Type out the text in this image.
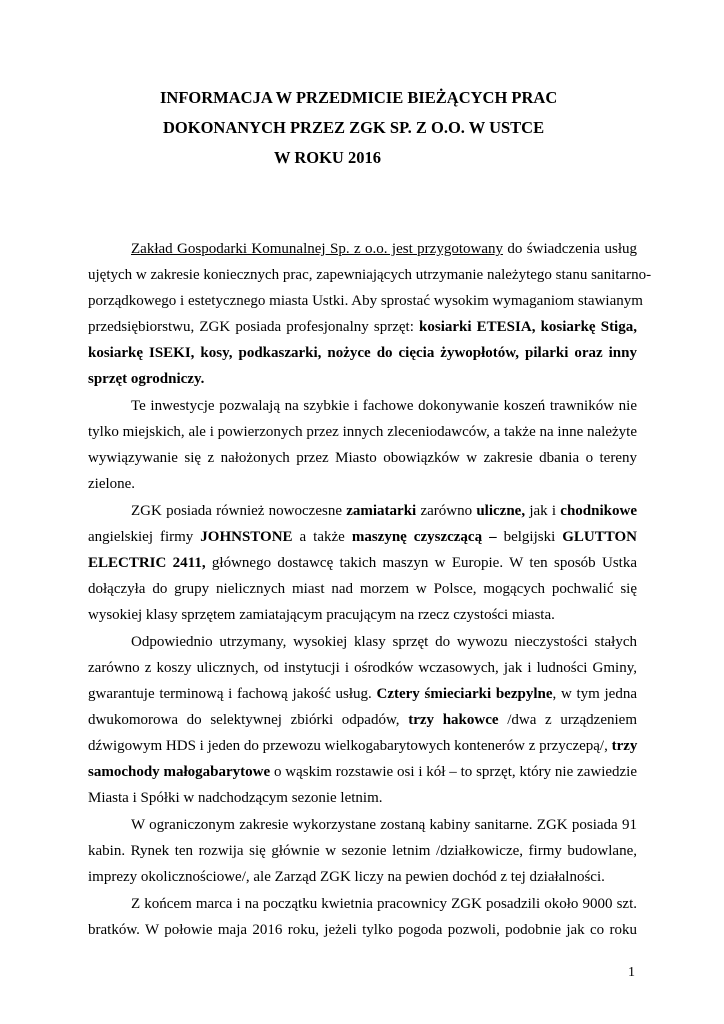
INFORMACJA W PRZEDMICIE BIEŻĄCYCH PRAC
DOKONANYCH PRZEZ ZGK SP. Z O.O. W USTCE
W ROKU 2016
Zakład Gospodarki Komunalnej Sp. z o.o. jest przygotowany do świadczenia usług
ujętych w zakresie koniecznych prac, zapewniających utrzymanie należytego stanu sanitarno-
porządkowego i estetycznego miasta Ustki. Aby sprostać wysokim wymaganiom stawianym
przedsiębiorstwu, ZGK posiada profesjonalny sprzęt: kosiarki ETESIA, kosiarkę Stiga,
kosiarkę ISEKI, kosy, podkaszarki, nożyce do cięcia żywopłotów, pilarki oraz inny
sprzęt ogrodniczy.
Te inwestycje pozwalają na szybkie i fachowe dokonywanie koszeń trawników nie
tylko miejskich, ale i powierzonych przez innych zleceniodawców, a także na inne należyte
wywiązywanie się z nałożonych przez Miasto obowiązków w zakresie dbania o tereny
zielone.
ZGK posiada również nowoczesne zamiatarki zarówno uliczne, jak i chodnikowe
angielskiej firmy JOHNSTONE a także maszynę czyszczącą – belgijski GLUTTON
ELECTRIC 2411, głównego dostawcę takich maszyn w Europie. W ten sposób Ustka
dołączyła do grupy nielicznych miast nad morzem w Polsce, mogących pochwalić się
wysokiej klasy sprzętem zamiatającym pracującym na rzecz czystości miasta.
Odpowiednio utrzymany, wysokiej klasy sprzęt do wywozu nieczystości stałych
zarówno z koszy ulicznych, od instytucji i ośrodków wczasowych, jak i ludności Gminy,
gwarantuje terminową i fachową jakość usług. Cztery śmieciarki bezpylne, w tym jedna
dwukomorowa do selektywnej zbiórki odpadów, trzy hakowce /dwa z urządzeniem
dźwigowym HDS i jeden do przewozu wielkogabarytowych kontenerów z przyczepą/, trzy
samochody małogabarytowe o wąskim rozstawie osi i kół – to sprzęt, który nie zawiedzie
Miasta i Spółki w nadchodzącym sezonie letnim.
W ograniczonym zakresie wykorzystane zostaną kabiny sanitarne. ZGK posiada 91
kabin. Rynek ten rozwija się głównie w sezonie letnim /działkowicze, firmy budowlane,
imprezy okolicznościowe/, ale Zarząd ZGK liczy na pewien dochód z tej działalności.
Z końcem marca i na początku kwietnia pracownicy ZGK posadzili około 9000 szt.
bratków. W połowie maja 2016 roku, jeżeli tylko pogoda pozwoli, podobnie jak co roku
1
